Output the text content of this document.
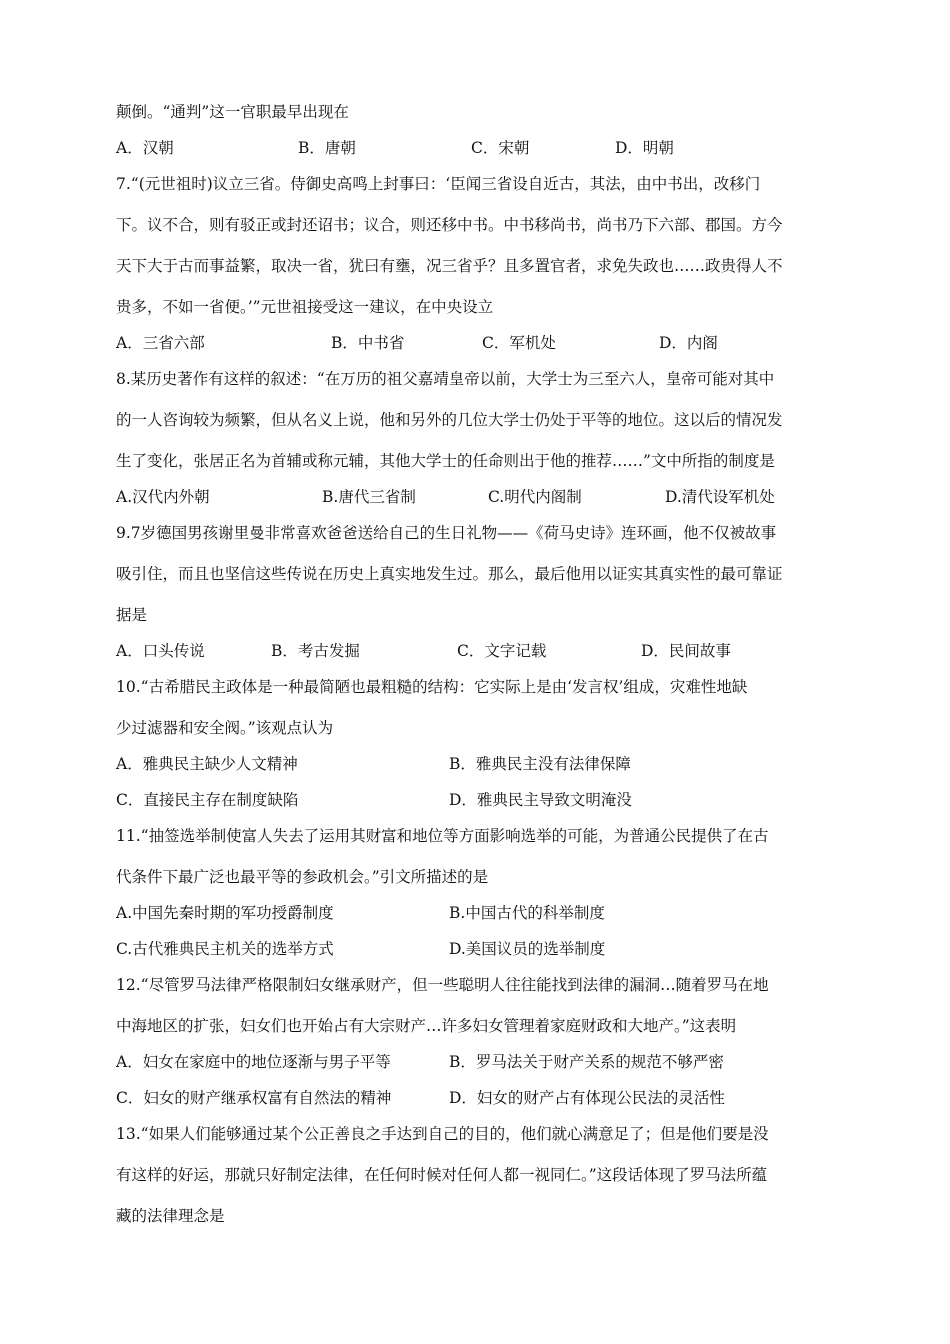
颠倒。“通判”这一官职最早出现在
A．汉朝	B．唐朝	C．宋朝	D．明朝
7.“(元世祖时)议立三省。侍御史高鸣上封事曰：‘臣闻三省设自近古，其法，由中书出，改移门
下。议不合，则有驳正或封还诏书；议合，则还移中书。中书移尚书，尚书乃下六部、郡国。方今
天下大于古而事益繁，取决一省，犹曰有壅，况三省乎？且多置官者，求免失政也……政贵得人不
贵多，不如一省便。’”元世祖接受这一建议，在中央设立
A．三省六部	B．中书省	C．军机处	D．内阁
8.某历史著作有这样的叙述：“在万历的祖父嘉靖皇帝以前，大学士为三至六人，皇帝可能对其中
的一人咨询较为频繁，但从名义上说，他和另外的几位大学士仍处于平等的地位。这以后的情况发
生了变化，张居正名为首辅或称元辅，其他大学士的任命则出于他的推荐……”文中所指的制度是
A.汉代内外朝	B.唐代三省制	C.明代内阁制	D.清代设军机处
9.7岁德国男孩谢里曼非常喜欢爸爸送给自己的生日礼物——《荷马史诗》连环画，他不仅被故事
吸引住，而且也坚信这些传说在历史上真实地发生过。那么，最后他用以证实其真实性的最可靠证
据是
A．口头传说	B．考古发掘	C．文字记载	D．民间故事
10.“古希腊民主政体是一种最简陋也最粗糙的结构：它实际上是由‘发言权’组成，灾难性地缺
少过滤器和安全阀。”该观点认为
A．雅典民主缺少人文精神	B．雅典民主没有法律保障
C．直接民主存在制度缺陷	D．雅典民主导致文明淹没
11.“抽签选举制使富人失去了运用其财富和地位等方面影响选举的可能，为普通公民提供了在古
代条件下最广泛也最平等的参政机会。”引文所描述的是
A.中国先秦时期的军功授爵制度	B.中国古代的科举制度
C.古代雅典民主机关的选举方式	D.美国议员的选举制度
12.“尽管罗马法律严格限制妇女继承财产，但一些聪明人往往能找到法律的漏洞…随着罗马在地
中海地区的扩张，妇女们也开始占有大宗财产…许多妇女管理着家庭财政和大地产。”这表明
A．妇女在家庭中的地位逐渐与男子平等	B．罗马法关于财产关系的规范不够严密
C．妇女的财产继承权富有自然法的精神	D．妇女的财产占有体现公民法的灵活性
13.“如果人们能够通过某个公正善良之手达到自己的目的，他们就心满意足了；但是他们要是没
有这样的好运，那就只好制定法律，在任何时候对任何人都一视同仁。”这段话体现了罗马法所蕴
藏的法律理念是
